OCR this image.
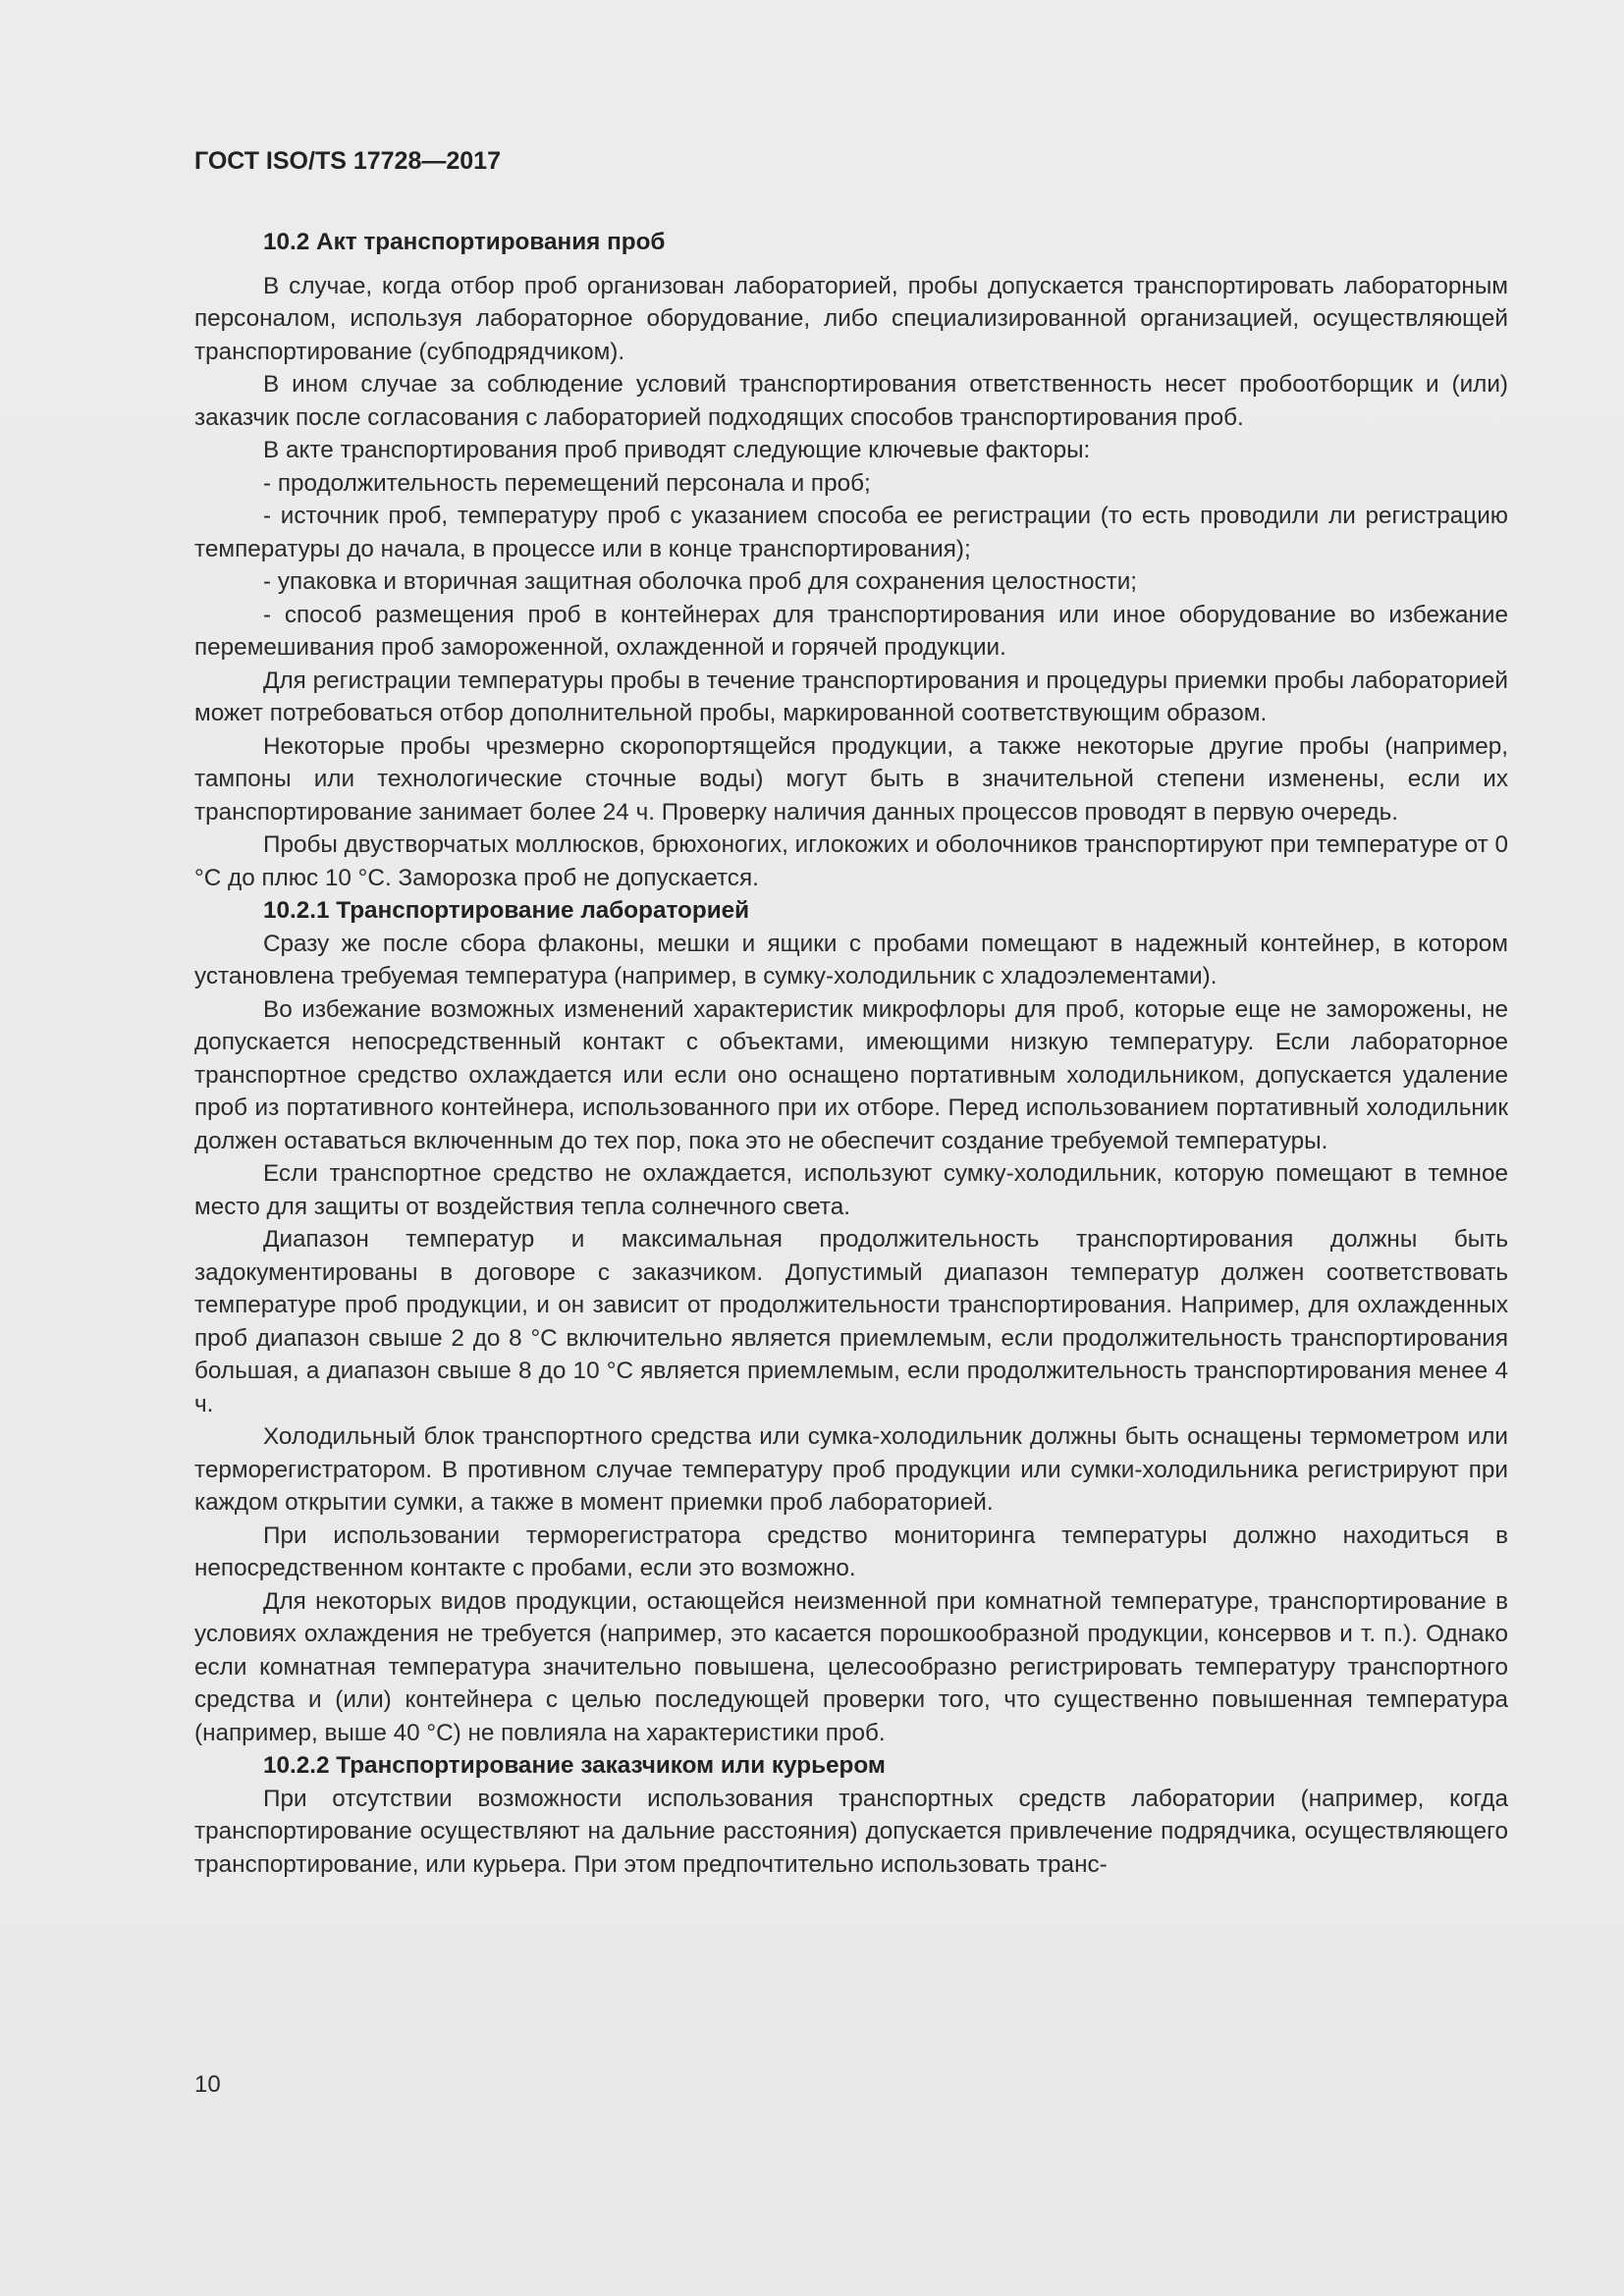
ГОСТ ISO/TS 17728—2017

10.2 Акт транспортирования проб

В случае, когда отбор проб организован лабораторией, пробы допускается транспортировать лабораторным персоналом, используя лабораторное оборудование, либо специализированной организацией, осуществляющей транспортирование (субподрядчиком).

В ином случае за соблюдение условий транспортирования ответственность несет пробоотборщик и (или) заказчик после согласования с лабораторией подходящих способов транспортирования проб.

В акте транспортирования проб приводят следующие ключевые факторы:

- продолжительность перемещений персонала и проб;

- источник проб, температуру проб с указанием способа ее регистрации (то есть проводили ли регистрацию температуры до начала, в процессе или в конце транспортирования);

- упаковка и вторичная защитная оболочка проб для сохранения целостности;

- способ размещения проб в контейнерах для транспортирования или иное оборудование во избежание перемешивания проб замороженной, охлажденной и горячей продукции.

Для регистрации температуры пробы в течение транспортирования и процедуры приемки пробы лабораторией может потребоваться отбор дополнительной пробы, маркированной соответствующим образом.

Некоторые пробы чрезмерно скоропортящейся продукции, а также некоторые другие пробы (например, тампоны или технологические сточные воды) могут быть в значительной степени изменены, если их транспортирование занимает более 24 ч. Проверку наличия данных процессов проводят в первую очередь.

Пробы двустворчатых моллюсков, брюхоногих, иглокожих и оболочников транспортируют при температуре от 0 °С до плюс 10 °С. Заморозка проб не допускается.

10.2.1 Транспортирование лабораторией

Сразу же после сбора флаконы, мешки и ящики с пробами помещают в надежный контейнер, в котором установлена требуемая температура (например, в сумку-холодильник с хладоэлементами).

Во избежание возможных изменений характеристик микрофлоры для проб, которые еще не заморожены, не допускается непосредственный контакт с объектами, имеющими низкую температуру. Если лабораторное транспортное средство охлаждается или если оно оснащено портативным холодильником, допускается удаление проб из портативного контейнера, использованного при их отборе. Перед использованием портативный холодильник должен оставаться включенным до тех пор, пока это не обеспечит создание требуемой температуры.

Если транспортное средство не охлаждается, используют сумку-холодильник, которую помещают в темное место для защиты от воздействия тепла солнечного света.

Диапазон температур и максимальная продолжительность транспортирования должны быть задокументированы в договоре с заказчиком. Допустимый диапазон температур должен соответствовать температуре проб продукции, и он зависит от продолжительности транспортирования. Например, для охлажденных проб диапазон свыше 2 до 8 °С включительно является приемлемым, если продолжительность транспортирования большая, а диапазон свыше 8 до 10 °С является приемлемым, если продолжительность транспортирования менее 4 ч.

Холодильный блок транспортного средства или сумка-холодильник должны быть оснащены термометром или терморегистратором. В противном случае температуру проб продукции или сумки-холодильника регистрируют при каждом открытии сумки, а также в момент приемки проб лабораторией.

При использовании терморегистратора средство мониторинга температуры должно находиться в непосредственном контакте с пробами, если это возможно.

Для некоторых видов продукции, остающейся неизменной при комнатной температуре, транспортирование в условиях охлаждения не требуется (например, это касается порошкообразной продукции, консервов и т. п.). Однако если комнатная температура значительно повышена, целесообразно регистрировать температуру транспортного средства и (или) контейнера с целью последующей проверки того, что существенно повышенная температура (например, выше 40 °С) не повлияла на характеристики проб.

10.2.2 Транспортирование заказчиком или курьером

При отсутствии возможности использования транспортных средств лаборатории (например, когда транспортирование осуществляют на дальние расстояния) допускается привлечение подрядчика, осуществляющего транспортирование, или курьера. При этом предпочтительно использовать транс-

10
